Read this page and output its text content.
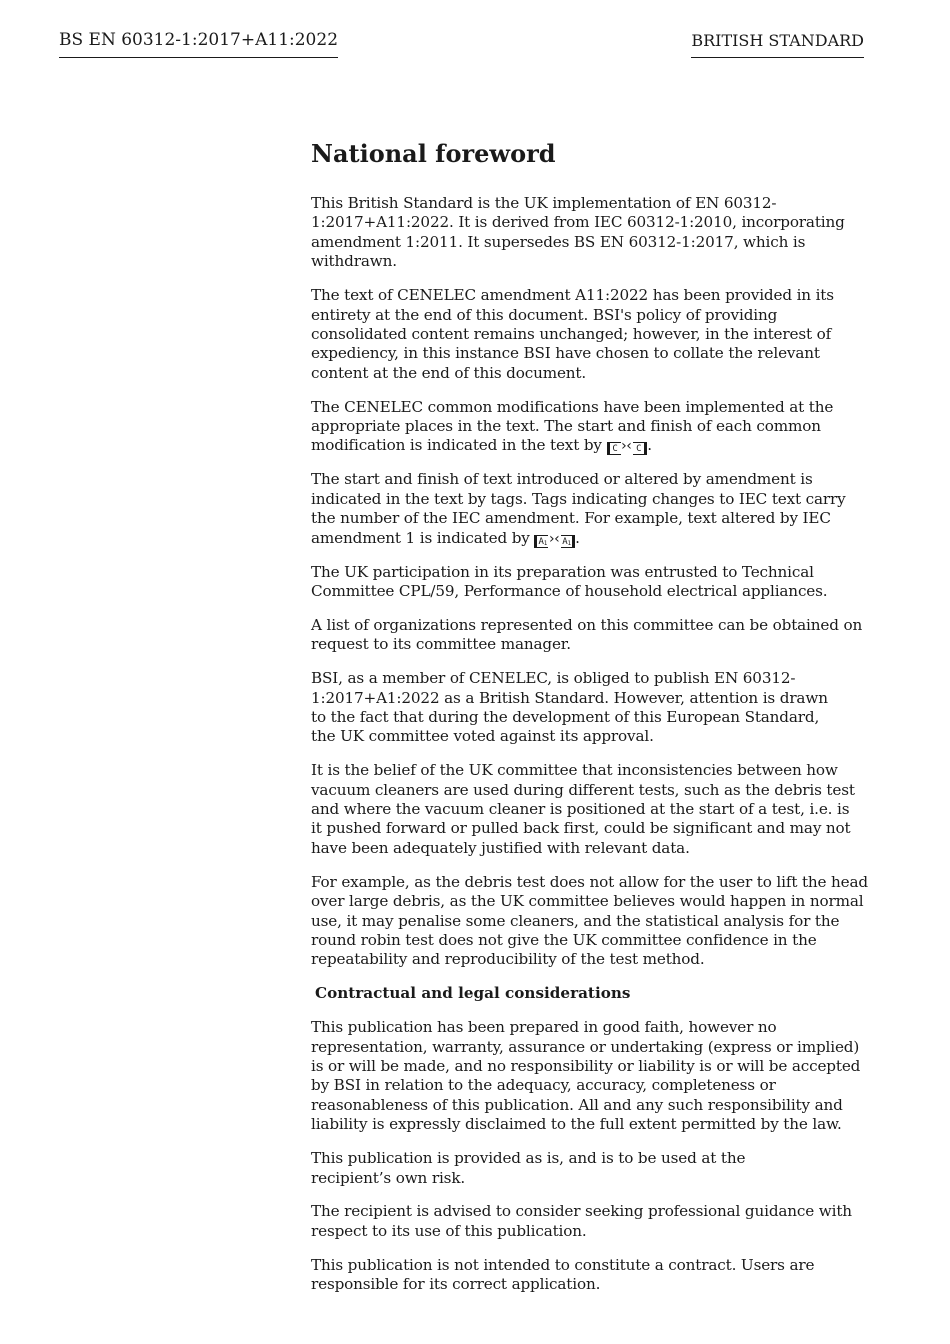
BS EN 60312-1:2017+A11:2022	BRITISH STANDARD
National foreword

This British Standard is the UK implementation of EN 60312-1:2017+A11:2022. It is derived from IEC 60312-1:2010, incorporating amendment 1:2011. It supersedes BS EN 60312-1:2017, which is withdrawn.

The text of CENELEC amendment A11:2022 has been provided in its entirety at the end of this document. BSI's policy of providing consolidated content remains unchanged; however, in the interest of expediency, in this instance BSI have chosen to collate the relevant content at the end of this document.

The CENELEC common modifications have been implemented at the appropriate places in the text. The start and finish of each common modification is indicated in the text by C › ‹ C .

The start and finish of text introduced or altered by amendment is indicated in the text by tags. Tags indicating changes to IEC text carry the number of the IEC amendment. For example, text altered by IEC amendment 1 is indicated by $A_1$ › ‹ $A_1$ .

The UK participation in its preparation was entrusted to Technical Committee CPL/59, Performance of household electrical appliances.

A list of organizations represented on this committee can be obtained on request to its committee manager.

BSI, as a member of CENELEC, is obliged to publish EN 60312-1:2017+A1:2022 as a British Standard. However, attention is drawn to the fact that during the development of this European Standard, the UK committee voted against its approval.

It is the belief of the UK committee that inconsistencies between how vacuum cleaners are used during different tests, such as the debris test and where the vacuum cleaner is positioned at the start of a test, i.e. is it pushed forward or pulled back first, could be significant and may not have been adequately justified with relevant data.

For example, as the debris test does not allow for the user to lift the head over large debris, as the UK committee believes would happen in normal use, it may penalise some cleaners, and the statistical analysis for the round robin test does not give the UK committee confidence in the repeatability and reproducibility of the test method.

Contractual and legal considerations

This publication has been prepared in good faith, however no representation, warranty, assurance or undertaking (express or implied) is or will be made, and no responsibility or liability is or will be accepted by BSI in relation to the adequacy, accuracy, completeness or reasonableness of this publication. All and any such responsibility and liability is expressly disclaimed to the full extent permitted by the law.

This publication is provided as is, and is to be used at the recipient’s own risk.

The recipient is advised to consider seeking professional guidance with respect to its use of this publication.

This publication is not intended to constitute a contract. Users are responsible for its correct application.
